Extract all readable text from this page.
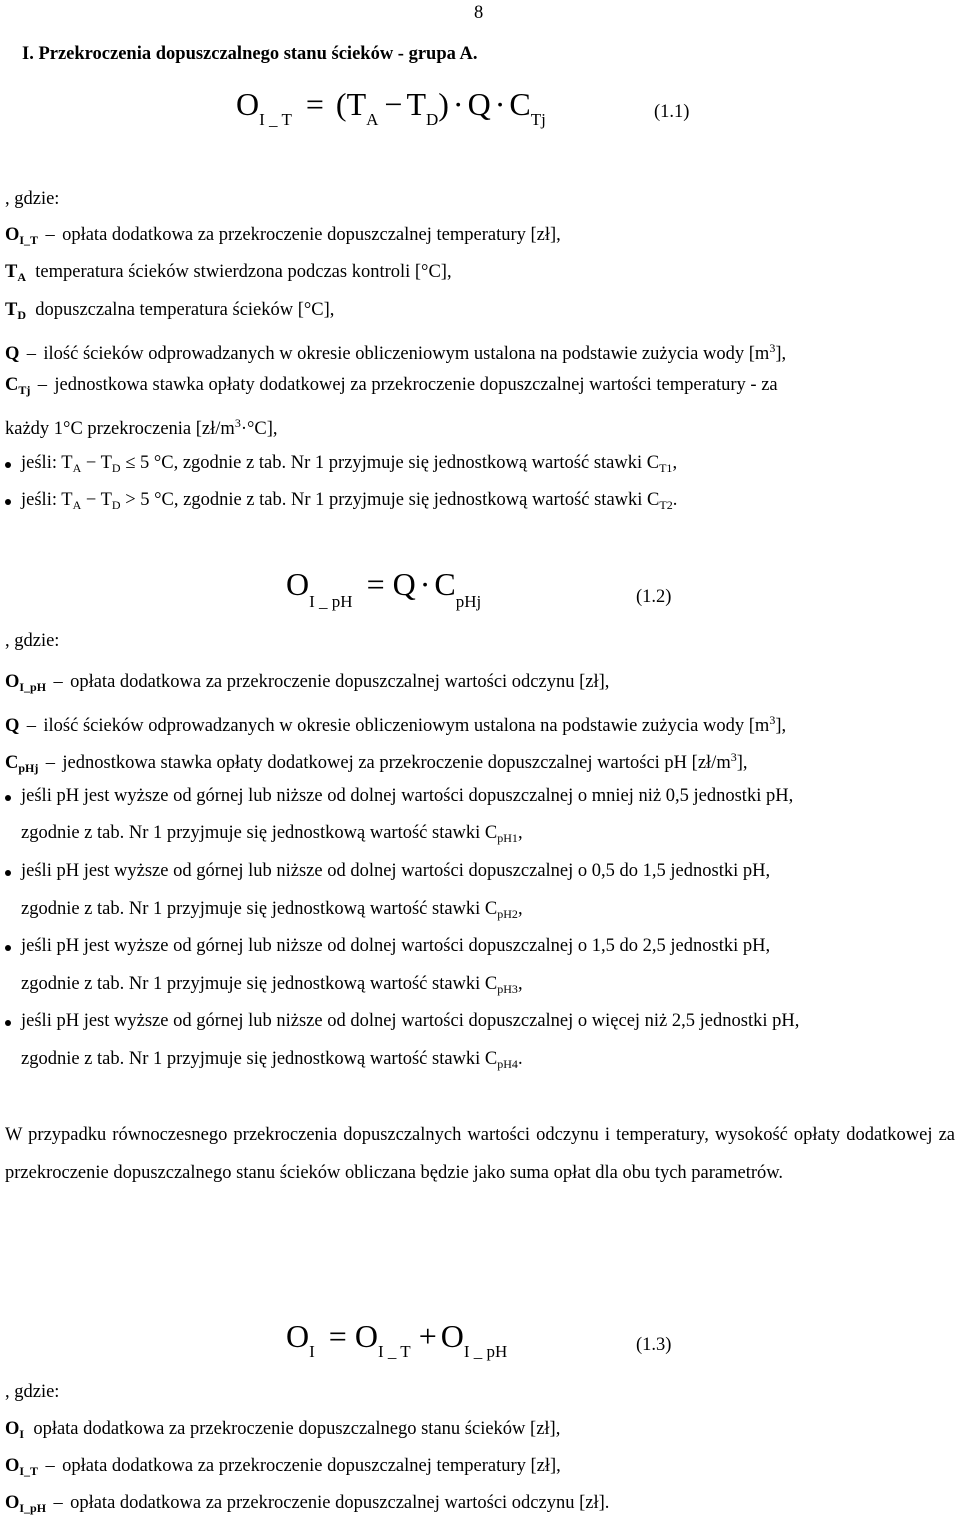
8
I. Przekroczenia dopuszczalnego stanu ścieków - grupa A.
OI _ T = (TA − TD) · Q · CTj	(1.1)
, gdzie:
$O_{I\_T}$ – opłata dodatkowa za przekroczenie dopuszczalnej temperatury [zł],
$T_A$ temperatura ścieków stwierdzona podczas kontroli [°C],
$T_D$ dopuszczalna temperatura ścieków [°C],
Q – ilość ścieków odprowadzanych w okresie obliczeniowym ustalona na podstawie zużycia wody $[m^3]$,
$C_{Tj}$ – jednostkowa stawka opłaty dodatkowej za przekroczenie dopuszczalnej wartości temperatury - za
każdy 1°C przekroczenia $[zł/m^3\cdot^\circ C]$,
jeśli: $T_A - T_D \le 5$ °C, zgodnie z tab. Nr 1 przyjmuje się jednostkową wartość stawki $C_{T1}$,
jeśli: $T_A - T_D > 5$ °C, zgodnie z tab. Nr 1 przyjmuje się jednostkową wartość stawki $C_{T2}$.
OI _ pH = Q · CpHj	(1.2)
, gdzie:
$O_{I\_pH}$ – opłata dodatkowa za przekroczenie dopuszczalnej wartości odczynu [zł],
Q – ilość ścieków odprowadzanych w okresie obliczeniowym ustalona na podstawie zużycia wody $[m^3]$,
$C_{pHj}$ – jednostkowa stawka opłaty dodatkowej za przekroczenie dopuszczalnej wartości pH $[zł/m^3]$,
jeśli pH jest wyższe od górnej lub niższe od dolnej wartości dopuszczalnej o mniej niż 0,5 jednostki pH,
zgodnie z tab. Nr 1 przyjmuje się jednostkową wartość stawki $C_{pH1}$,
jeśli pH jest wyższe od górnej lub niższe od dolnej wartości dopuszczalnej o 0,5 do 1,5 jednostki pH,
zgodnie z tab. Nr 1 przyjmuje się jednostkową wartość stawki $C_{pH2}$,
jeśli pH jest wyższe od górnej lub niższe od dolnej wartości dopuszczalnej o 1,5 do 2,5 jednostki pH,
zgodnie z tab. Nr 1 przyjmuje się jednostkową wartość stawki $C_{pH3}$,
jeśli pH jest wyższe od górnej lub niższe od dolnej wartości dopuszczalnej o więcej niż 2,5 jednostki pH,
zgodnie z tab. Nr 1 przyjmuje się jednostkową wartość stawki $C_{pH4}$.
W przypadku równoczesnego przekroczenia dopuszczalnych wartości odczynu i temperatury, wysokość opłaty dodatkowej za przekroczenie dopuszczalnego stanu ścieków obliczana będzie jako suma opłat dla obu tych parametrów.
OI = OI _ T + OI _ pH	(1.3)
, gdzie:
$O_I$ opłata dodatkowa za przekroczenie dopuszczalnego stanu ścieków [zł],
$O_{I\_T}$ – opłata dodatkowa za przekroczenie dopuszczalnej temperatury [zł],
$O_{I\_pH}$ – opłata dodatkowa za przekroczenie dopuszczalnej wartości odczynu [zł].
